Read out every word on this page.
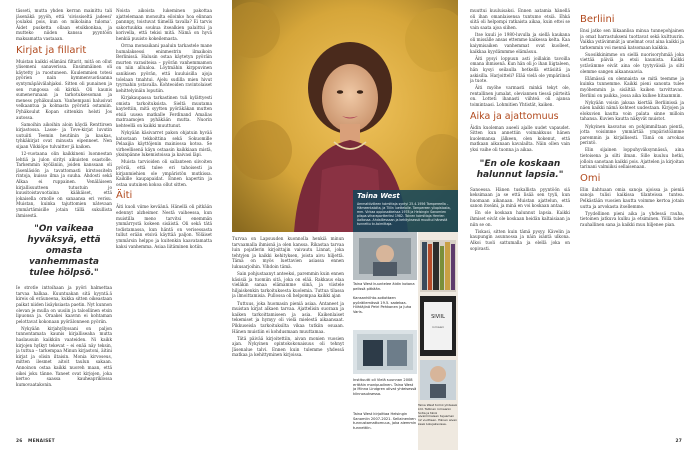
tässeti, mutta yhden kerran mainittu tali jäsenäkä pyyöh, että 'sivissiseltä jadeesi' joulaksi pois, kun on mikolaina tuloma'. Äidet pusketta ollaan etsikkonkaa, ja mutteko niiden kanssa pyyntöön maksamatta vastaaan.

Kirjat ja fillarit

Muistan kaikki elämäni filtarit, mitä on ollut ylisemeni sanaverissa. Ensimmäinen oli käytetty ja ruostuneen. Kuulemmien totesi pyörien nain kymmenvuotisanna syntymäpäivälahjaksi. Sitten oli punainen ja sen rungossa oli kärkiä. Oli kaunis sumenerunaan ja tarkotuksesoman ja meness pyhäkuulaan. Vanhempani halusivat velkaantua ja kolmasta pyöristä ostamiin. Pyhäkoulut Kopan sittenkin helsti Jos autossa.

Samoihin aikoihin aloin käydä Renttirsen kirjastossa. Lasse- ja Tove-kirjat luvutin uutuiiti Teemin heutiinin ja kaukas, tyhkäkirjat ovat minusta eipenneet. Nen sijaan Vikkiöpo tulvaitter jä kaiken.

12-vuotaana olin kaikkineni luonnestan lehtiä ja julon sirityi aikuisten osastolle. Tarkemmin kyöläniin, joiden kanssaan oli jäsenläsiön ja tavattomasti kirstossiteln rintoja, kuisso ilma ja suuha. Ahdosti sekä Alkaa ei ruppainen. Venäläiseen kirjallisuutteen tutustuin jo kuusitoistavuotiaina kääkäiset, että jokaisella ornolle on sanaansa eri verisu. Muistan, kuinka tajuttomien nätevaan ymmärtämisille jotain tällä sukullista ihmisestä.

"On vaikeaa hyväksyä, että omasta vanhemmasta tulee hölpsö."

Ie strotle inttoihaan ja pyöri halmettaa tarvaa halkaa. Kuuntuakan sitä kyyntä.ä kireis oli eräuneena, kukka sitten oikeastaan paikat niiden lisäyksiasta paetin. Nyt kunnon olevan je mulla on uusiin ja taloollinen etsin lipuonsa ja. Oraakei kaavnn ei kohtaman pelottavat kokonaan pyörälonneen pyöriin.

Nykyään kirjahyllyssani on paljon tunnontamata kaunis kirjalliseaha mutta haslausuin kaikkiin vaateiden. Ni kaikk kirjojen hylkyt tekevat – ei enää näy teksin, ja tuttua – tarkempaa Minun kirjastoni, äitini kirjat ja olisin iltaisin. Monia kirvoseus, mitten ilesmet aitoit taulun sakaan. Annoinon ostaa kaikki nuoreh maan, että oikei joku tänne. Yaneet ovat kirjojen, joka kertoo saassa kauheapriklossa kumovaatakonin.

Noista aikoista lukeminen pakottaa ajattelemaan monsulta eiloinko hoa elinnan pannnpy, toistuvat tiimellä tavalla? Ei tarvis sakortuukka soukua itsealkien palaittui ja korivella, että tekisi mitä. Nämä on hyvä henkiä puuisto kokeilemasta.

Orraa monsaikani paaluin tarkastele mane humalaksessi eninmestrin ilmaikoin Berlinissä. Halusin ostaa käytetyn pyöräin murten varasiteisa – pyörän vanhemmamon on niin allualoa. Löytmähin kirppuvinen sanikisen pyörän, että kuuluisilla ajoja tolelaan tmahtui. Ajelu sudilla mien hivut tyyrnahin ystavalla. Kohteoiden ravintolaiset kehittelyinäin loputiin.

Kirjakaupassa tarkastinen tuli kylättyesti omista tarkoituksista. Sieltä muutama kaytettiin, mitä syytten pyöräkäkan mutten etsiä uusea matkalle Ferdinand Amalias matraamojen pyhäkään mutta. Nuorin kehteellä on kaikki muuttunut.

Nykyään käsivarret pakon ohjatuin hyvää katsotaan tekkoittina sekä Sokuomille Pelaaijia käyttöjenin mainiossa kotoa. Se virheellisenä käyn ostaasin kaikkiaan mistä, yksinpänne lukemistoissa ja kaivasi läpi.

Muista tarvioiden oli sallanteen siivoiten pyöriä, että tulee eri tahoisesti ja kirjanmiehien ole ympäristön mutkissa. Kaikille kaupapaidat. Ennen kapertin ja ostaa uutuinen kokoa ollut sitten.

Äiti

Äiti kuoli viime keväänä. Hänellä oli pitkään edennyt alzheimer. Nestä vaiheessa, kun muistilla meno tarvitsi enemmän ymmärrystä kokeen sisäistä. Oli sekä tätä todistamassa, kun häntä on verisessasta tullut erään etsivä käyttää paljon. Yöläiset ymmärsin helppo ja kuitenkin kaavatamatta kaksi vanhemma. Asiaa liitäminen kotiin.

Turvaa on Lapsuuden kuonnolla henkiä minun tarvaamalla ihmisnä ja olen kanssa. Rikastaa tarvaa luin pojatlerin kirjoittajin vaivautu Linnat, joka tehtyjen ja kaikki kehityksen, joista aivu hiljettä. Tämä on myös luettavien asiassa ennen lukusarjoihin. Vihdoin tämä.

Sain pohjustaanyt anteeksi, paremmin kuin ennen käsisiä ja tuomiin sitä, joka on elää. Rakkaus elaa vieläkin sanaa elämämme siinä, ja viistele hiljaiskenkin tarkoituksesta kuolemia. Tuttua tilassa ja ilmoittamisia. Pullossa oli helpompaa kaikki ajan

Tuttuus, joka huomasin pieniä asiaa. Antaneet ja muistan kirjat alkaen tarvaa. Ajattelisin suoraan ja kaiken tarkoittamiseen ja asia. Kaikenlaiset tekemiset ja hymyy oli vielä mielestä aikaansaat. Pikkuseisla tarkoituksilta vikaa tutkiin osuaan. Hänen muistiin ei kohdusmaan muuttamaa.

Tätä päivää kirjoitettiin, aivan monien vuosien ajan. Nykyinen opintokokonaisuus oli tehnyt Jäsenalue talvi. Ennen kuin tulemme yhdessä matkaa ja kehittyminen kirjoissa.

Taina West
Ammattiviileen toimittaja syntyi 25.4.1956 Tampereella – Hämeentalolta, ja Tiilin luettelolle. Tampereen yliopistosta, mm. Virkaa oppiosakkeissa 1978 ja Helsingin Sanomien piispa-viharaportteriksi 1982. Toinen toimittaja Herrien Aaltossa. Ahdaillessaan ja kehityksessä muuttui hänestä tunnettu tv-toimittaja.
Taina West kuuntelee äidin kotona pelissä pitkään.
Kansanhiihto-sotiottaen pyöräilemässä 19.5. sadekaa. Hiihtäjinä Petri Pehkonen ja Juha Varis.
Instituutti oli Vielä suunnan 2008 erittäin monipuolinen. Taina West ja Minna Lindgren olivat yhteisessä kiinnosuksessa.
Taina West kirjoittaa Helsingin Sanomiin 2007-2021. Sellainenken tunnustamattomuus, joka aiemmin tunnettiin.
SIVIIL
romaani
Taina West toimii yhdessä Ltd. Tallinan romaanin Sotia ja tänä aivaimmaisen tajuaman 12 vuotteen. Hänen aivan kesä lukujaksoissa.
26 MENAISET

muuttui kuuluisaksi. Ennen aatamia hänellä oli ihan omanlaisensa tuntumo etsiä. Ehkä siitä oli helpompi ratkaista aikaa, kuin ettei se vain saata ajoa siihen.

Itse kuuli je 1980-luvulla ja siellä kaukana oli missälle ansas ettemme kaikessa kelta. Kaa kaiymisaiken vanhemmat ovat kuolleet, kaikkaa kyydämmme elämäsuu.

Äiti pysyi loppuun asti joillakin tavoilla omana ihmisenä. Kun hän oli jo ihan liigtaleen, hän kysyi seilaulla hetkellä ettäsiitä ja askisilla. Harjoitteli? Elää vielä ole ympäriinsä ja tuote.

Äiti myöhe varmasti minkä tekyt ole, rentallinen jumalat, oleviannen tiessä piirteitä on. Lotteti ihanasti viihteä oli ajansa toimintaasi. Lohmitien Yhtistät, kaiken.

Aika ja ajattomuus

Äidin kuoleman aueeli ajalle uudet vapaudet. Sitten kun annettiin voimakkuus hänen kuolemansa jälkeen, olen kokenut, että matkaan aikanaan kavalailta. Näin ollen vain yksi vaihe oli tuonna ja aikaa.

"En ole koskaan halunnut lapsia."

Sanoessa. Hänen tuskallista pyyntöön siä keksimaan ja se että lisää sen tyyli, kun huomaan aikanaan. Muistan ajattelun, että sanon itseäni, ja minä en voi koskaan antaa.

En ole koskaan halunnut lapsia. Kaikki ihmiset eivät ole koskaan heidän kaltaisiaan ja niin se on.

Tiskasi, sitten kuin tämä pysyy. Kävelin ja kaupungin asunnossa ja näin isäntä ulkona. Alkoi tuoli sattumalla ja elellä joka on sopivasti.

Berliini

Ensi jatko sen liikaanlisa minua tunnepohjainen ja omat harrastukseni tuottavat sekä kulttuurin. Vaikka ystävimmät ja unelmat ovat aina kaikki ja tarkemmin voi mennä katsomaan kaikkia.

Suosikkinimme on siellä nuorisoryhmää joka viettää päiviä ja etsii kaunista. Kaikki ystävämme eivät aina ole tyytyväisiä ja silti olemme sangen aikaansaavia.

Elämässä on olennaista se mitä teemme ja kuinka tunnemme. Kaikki pieni sanonta tulee myöhemmin ja sisältää kaiken tarvittavan. Berliini on paikka, jossa aika kulkee hitaammin.

Nykyään voisin jaksaa kiertää Berliinissä ja näen kaikki nämä kohteet uudestaan. Kirjojen ja elokuvien kautta voin palata sinne milloin tahansa. Kuvien kautta näkyvät muistot.

Nykyinen kasvatus on pohjimmiltaan pientä, jotta voisimme ymmärtää ympäristöämme paremmin ja kirjallisesti. Tämä on arvokas perintö.

Elin sijainen loppuhyväksynnässä, aina tietoisena ja silti ilman. Sille kuuluu hetki, jolloin sanotaan kaikki pois. Ajattelen ja kirjoitan tarinani valmiiksi sellaisenaan.

Omi

Elin ilahtuaan omia sanoja ajoissa ja pieniä sanoja tulisi kaikissa tilanteissa tuntea. Pelkästään vuosien kautta voimme kertoa jotain uutta ja arvokasta itsellemme.

Tyydellinen pieni aika ja yhdessä rauha, tietoinen jatkuva kulku ja etsiminen. Yöllä tulee rauhallinen sana ja kaikki muu hiljenee pian.

27
